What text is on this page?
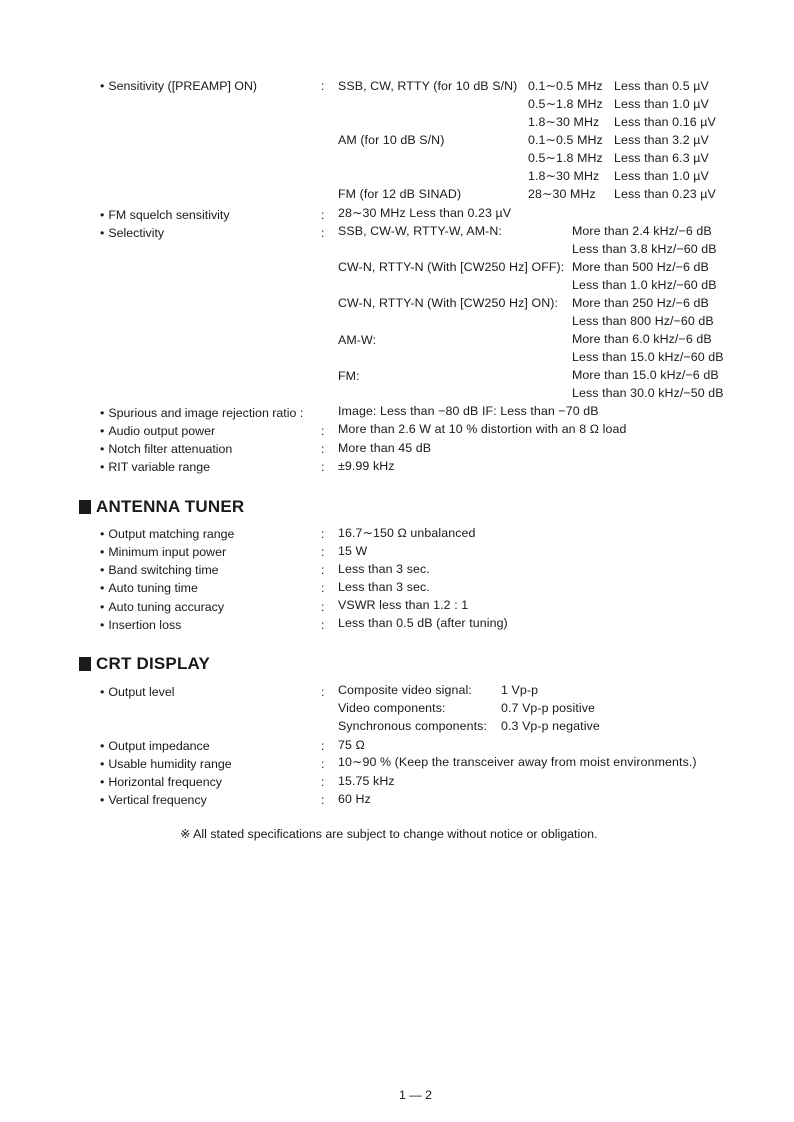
• Sensitivity ([PREAMP] ON)	: SSB, CW, RTTY (for 10 dB S/N) 0.1∼0.5 MHz Less than 0.5 µV
0.5∼1.8 MHz Less than 1.0 µV
1.8∼30 MHz Less than 0.16 µV
AM (for 10 dB S/N)	0.1∼0.5 MHz Less than 3.2 µV
0.5∼1.8 MHz Less than 6.3 µV
1.8∼30 MHz Less than 1.0 µV
FM (for 12 dB SINAD)	28∼30 MHz Less than 0.23 µV
• FM squelch sensitivity	: 28∼30 MHz Less than 0.23 µV
• Selectivity	: SSB, CW-W, RTTY-W, AM-N:	More than 2.4 kHz/−6 dB
Less than 3.8 kHz/−60 dB
CW-N, RTTY-N (With [CW250 Hz] OFF): More than 500 Hz/−6 dB
Less than 1.0 kHz/−60 dB
CW-N, RTTY-N (With [CW250 Hz] ON): More than 250 Hz/−6 dB
Less than 800 Hz/−60 dB
AM-W:	More than 6.0 kHz/−6 dB
Less than 15.0 kHz/−60 dB
FM:	More than 15.0 kHz/−6 dB
Less than 30.0 kHz/−50 dB
• Spurious and image rejection ratio :	Image: Less than −80 dB IF: Less than −70 dB
• Audio output power	: More than 2.6 W at 10 % distortion with an 8 Ω load
• Notch filter attenuation	: More than 45 dB
• RIT variable range	: ±9.99 kHz
ANTENNA TUNER
• Output matching range	: 16.7∼150 Ω unbalanced
• Minimum input power	: 15 W
• Band switching time	: Less than 3 sec.
• Auto tuning time	: Less than 3 sec.
• Auto tuning accuracy	: VSWR less than 1.2 : 1
• Insertion loss	: Less than 0.5 dB (after tuning)
CRT DISPLAY
• Output level	: Composite video signal: 1 Vp-p
Video components:	0.7 Vp-p positive
Synchronous components: 0.3 Vp-p negative
• Output impedance	: 75 Ω
• Usable humidity range	: 10∼90 % (Keep the transceiver away from moist environments.)
• Horizontal frequency	: 15.75 kHz
• Vertical frequency	: 60 Hz
※ All stated specifications are subject to change without notice or obligation.
1 — 2
